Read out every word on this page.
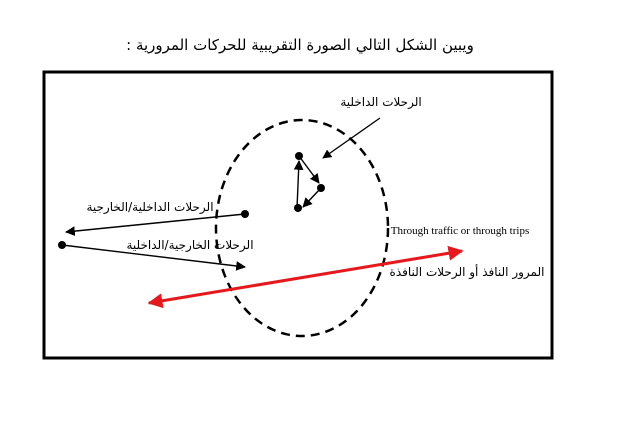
ويبين الشكل التالي الصورة التقريبية للحركات المرورية :
الرحلات الداخلية
الرحلات الداخلية/الخارجية
الرحلات الخارجية/الداخلية
Through traffic or through trips
المرور النافذ أو الرحلات النافذة
